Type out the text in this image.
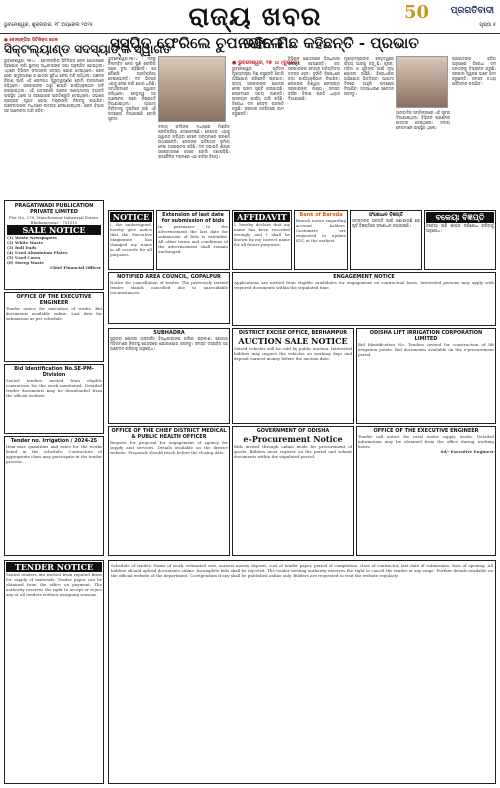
ଭୁବନେଶ୍ୱର, ଶୁକ୍ରବାର, ୧୮ ଅପ୍ରେଲ ୨୦୨୫	ରାଜ୍ୟ ଖବର	50	ପ୍ରଗତିବାଦୀ
ପୃଷ୍ଠା ୫
● ବୋଲାଙ୍ଗିର ସିଟିଜିକ୍ସ ରେଳ
ସିକ୍ଟଲ୍ୟାଣ୍ଡ ସଦସ୍ୟାଙ୍କ ସ୍ୱାଗତ
ଭୁବନେଶ୍ୱର, ୧୭।୪ : ବୋଲାଙ୍ଗିର ସିଟିଜିକ୍ସ ରେଳ ଯୋଜନାରେ ସହଯୋଗ ଲାଗି ସ୍ଥାନୀୟ ଅଧିବାସୀଙ୍କ ସଭା ଅନୁଷ୍ଠିତ ହୋଇଥିଲା। ଏଥିରେ ବିଭିନ୍ନ ସଂଗଠନର ସଦସ୍ୟ ଯୋଗ ଦେଇଥିଲେ। ରେଳ ସେବା ସମ୍ପ୍ରସାରଣ ଓ ଯାତ୍ରୀ ସୁବିଧା ନେଇ ଦାବି ଉଠିଥିଲା। ଅଞ୍ଚଳର ବିକାଶ ପାଇଁ ଏହି ରେଳପଥ ଗୁରୁତ୍ୱପୂର୍ଣ୍ଣ ବୋଲି ବକ୍ତାମାନେ କହିଥିଲେ। ସରକାରଙ୍କ ଠାରୁ ଶୀଘ୍ର କାର୍ଯ୍ୟାନୁଷ୍ଠାନ ଦାବି କରାଯାଇଥିଲା। ଏହି ଅବସରରେ ଅନେକ ଗଣ୍ୟମାନ୍ୟ ବ୍ୟକ୍ତି ଉପସ୍ଥିତ ଥିଲେ ଓ ସହଯୋଗର ପ୍ରତିଶ୍ରୁତି ଦେଇଥିଲେ। ସଭାରେ ପ୍ରସ୍ତାବ ଗୃହୀତ ହୋଇ ମନ୍ତ୍ରୀଙ୍କ ନିକଟକୁ ପଠାଯିବ। ଅଞ୍ଚଳବାସୀଙ୍କ ମଧ୍ୟରେ ଉତ୍ସାହ ଦେଖାଯାଇଥିଲା। ରେଳ ବିଭାଗ ସହ ଆଲୋଚନା ଜାରି ରହିବ।
PRAGATIWADI PUBLICATION PRIVATE LIMITED
Plot No. 278, Mancheswar Industrial Estate, Bhubaneswar - 751010
SALE NOTICE
(1) Waste Newspapers
(2) White Waste
(3) Roll Ends
(4) Used Aluminium Plates
(5) Used Cores
(6) Sweep Waste
Chief Financial Officer
ସସ୍ପିତ ଫେରିଲେ ଚୁପ ରହିଲେ
ଭୁବନେଶ୍ୱର,୧୭।୪ : ଦଳରୁ ନିଲମ୍ବିତ ନେତା ପୁଣି ଫେରିବା ପରେ ଚୁପ ରହିଛନ୍ତି। ସେ କୌଣସି ପ୍ରତିକ୍ରିୟା ଦେଇନାହାନ୍ତି। ଦଳ ଭିତରେ ଏହାକୁ ନେଇ ଚର୍ଚ୍ଚା ଜୋର ଧରିଛି। ସମର୍ଥକମାନେ ସ୍ୱାଗତ କରିଥିଲେ। ନେତୃତ୍ୱ ସହ ଆଲୋଚନା ପରେ ନିଷ୍ପତ୍ତି ନିଆଯାଇଥିଲା। ଆଗାମୀ ନିର୍ବାଚନକୁ ଦୃଷ୍ଟିରେ ରଖି ଏହି ପଦକ୍ଷେପ ନିଆଯାଇଛି ବୋଲି ସୂଚନା।
ଦଳୀୟ କର୍ମୀଙ୍କ ମଧ୍ୟରେ ମିଶ୍ରିତ ପ୍ରତିକ୍ରିୟା ଦେଖାଦେଇଛି। କେତେକ ଏହାକୁ ସ୍ୱାଗତ କରିଥିବା ବେଳେ ଅନ୍ୟମାନେ ପ୍ରଶ୍ନ ଉଠାଇଛନ୍ତି। ନେତାଙ୍କ ଭବିଷ୍ୟତ ଭୂମିକା ନେଇ ଅସ୍ପଷ୍ଟତା ରହିଛି। ଦଳ ସଭାପତି ଶୀଘ୍ର ସ୍ପଷ୍ଟୀକରଣ ଦେବେ ବୋଲି ଜଣାପଡ଼ିଛି। ରାଜନୈତିକ ମହଲରେ ଏହା ଚର୍ଚ୍ଚାର ବିଷୟ।
ନବୀନ ମିଛ କହିଛନ୍ତି - ପ୍ରଭାତ
● ଭୁବନେଶ୍ୱର, ୧୭ ।୪ (ବ୍ୟୁରୋ)
ଭୁବନେଶ୍ୱର : ପୂର୍ବତନ ମୁଖ୍ୟମନ୍ତ୍ରୀ ମିଛ କହୁଛନ୍ତି ବୋଲି ଅଭିଯୋଗ କରିଛନ୍ତି ପ୍ରଭାତ। ରାଜ୍ୟ ସରକାରଙ୍କ ଯୋଜନା ନେଇ ଭ୍ରମ ସୃଷ୍ଟି କରାଯାଉଛି। ଲୋକମାନେ ସତ୍ୟ ଜାଣନ୍ତି। ଉନ୍ନୟନ କାର୍ଯ୍ୟ ଜାରି ରହିଛି। ବିରୋଧୀ ଦଳ କେବଳ ରାଜନୀତି କରୁଛି। ସରକାର ଜନହିତରେ କାମ କରୁଛନ୍ତି।
ବିଭିନ୍ନ ଯୋଜନାରେ ହିତାଧିକାରୀ ଉପକୃତ ହେଉଛନ୍ତି। ଗତ ସରକାରଙ୍କ ସମୟର ଅନିୟମିତତା ତଦନ୍ତ ହେବ। ଦୁର୍ନୀତି ବିରୋଧରେ କଡ଼ା କାର୍ଯ୍ୟାନୁଷ୍ଠାନ ନିଆଯିବ। ଲୋକଙ୍କ ବିଶ୍ୱାସ ଫେରାଇବା ସରକାରଙ୍କ ଲକ୍ଷ୍ୟ। ସମସ୍ତ ବର୍ଗର ବିକାଶ ପ୍ରତି ଧ୍ୟାନ ଦିଆଯାଉଛି।
ମୁଖ୍ୟମନ୍ତ୍ରୀଙ୍କ ନେତୃତ୍ୱରେ ରାଜ୍ୟ ଆଗକୁ ବଢ଼ୁଛି। କୃଷକ, ମହିଳା ଓ ଯୁବଙ୍କ ପାଇଁ ନୂଆ ଯୋଜନା ଆସିଛି। ବିରୋଧୀଙ୍କ ଅଭିଯୋଗ ଭିତ୍ତିହୀନ। ଆଗାମୀ ଦିନରେ ଆହୁରି ପଦକ୍ଷେପ ନିଆଯିବ। ଜନସାଧାରଣ ସଚେତନ ରହନ୍ତୁ।
ପ୍ରଭାତଙ୍କ କହିବା ଅନୁସାରେ ବିରୋଧୀ ଦଳ ଜନତାଙ୍କୁ ବିଭ୍ରାନ୍ତ କରୁଛି। ସରକାର ସ୍ୱଚ୍ଛ ଭାବେ କାମ କରୁଛନ୍ତି। ସମସ୍ତ ତଥ୍ୟ ସାର୍ବଜନୀନ କରାଯିବ।
ସାମ୍ବାଦିକ ସମ୍ମିଳନୀରେ ଏହି ସୂଚନା ଦିଆଯାଇଥିଲା। ବିଭିନ୍ନ ପ୍ରଶ୍ନର ଉତ୍ତର ଦେଇଥିଲେ। ଦଳୀୟ ନେତାମାନେ ଉପସ୍ଥିତ ଥିଲେ।
NOTICE
I, the undersigned, hereby give notice that the Executive Magistrate has changed my name in all records for all purposes.
Extension of last date for submission of bids
In pursuance to the advertisement the last date for submission of bids is extended. All other terms and conditions of the advertisement shall remain unchanged.
AFFIDAVIT
I, hereby declare that my name has been recorded wrongly and I shall be known by my correct name for all future purposes.
Bank of Baroda
Branch notice regarding account holders. Customers are requested to update KYC at the earliest.
ସଂଶୋଧନ ବିଜ୍ଞପ୍ତି
ସମସ୍ତଙ୍କ ଅବଗତି ପାଇଁ ଜଣାଯାଉଛି ଯେ ପୂର୍ବ ବିଜ୍ଞପ୍ତିରେ ସଂଶୋଧନ କରାଯାଇଛି।
ବକେୟା ବିଜ୍ଞପ୍ତି
ବକେୟା ରାଶି ଶୀଘ୍ର ପରିଶୋଧ କରିବାକୁ ଅନୁରୋଧ।
OFFICE OF THE EXECUTIVE ENGINEER
Tender notice for execution of works. Bid documents available online. Last date for submission as per schedule.
NOTIFIED AREA COUNCIL, GOPALPUR
Notice for cancellation of tender. The previously invited tender stands cancelled due to unavoidable circumstances.
ENGAGEMENT NOTICE
Applications are invited from eligible candidates for engagement on contractual basis. Interested persons may apply with required documents within the stipulated time.
Bid Identification No.SE-PM-Division
Sealed tenders invited from eligible contractors for the work mentioned. Detailed tender documents may be downloaded from the official website.
SUBHADRA
ସୁଭଦ୍ରା ଯୋଜନା ଅନ୍ତର୍ଗତ ହିତାଧିକାରୀଙ୍କ ତାଲିକା ପ୍ରକାଶ। ଯୋଗ୍ୟ ମହିଳାମାନେ ନିକଟସ୍ଥ କେନ୍ଦ୍ରରେ ଯୋଗାଯୋଗ କରନ୍ତୁ। ସମସ୍ତ ଦସ୍ତାବିଜ ସହ ଆବେଦନ କରିବାକୁ ଅନୁରୋଧ।
DISTRICT EXCISE OFFICE, BERHAMPUR
AUCTION SALE NOTICE
Seized vehicles will be sold by public auction. Interested bidders may inspect the vehicles on working days and deposit earnest money before the auction date.
ODISHA LIFT IRRIGATION CORPORATION LIMITED
Bid Identification No. Tenders invited for construction of lift irrigation points. Bid documents available on the e-procurement portal.
Tender no. Irrigation / 2024-25
Item-wise quantities and rates for the works listed in the schedule. Contractors of appropriate class may participate in the tender process.
OFFICE OF THE CHIEF DISTRICT MEDICAL & PUBLIC HEALTH OFFICER
Request for proposal for engagement of agency for supply and services. Details available on the district website. Proposals should reach before the closing date.
GOVERNMENT OF ODISHA
e-Procurement Notice
Bids invited through online mode for procurement of goods. Bidders must register on the portal and submit documents within the stipulated period.
OFFICE OF THE EXECUTIVE ENGINEER
Tender call notice for rural water supply works. Detailed information may be obtained from the office during working hours.
Sd/- Executive Engineer
TENDER NOTICE
Sealed tenders are invited from reputed firms for supply of materials. Tender paper can be obtained from the office on payment. The authority reserves the right to accept or reject any or all tenders without assigning reasons.
Schedule of tender: Name of work, estimated cost, earnest money deposit, cost of tender paper, period of completion, class of contractor, last date of submission, date of opening. All bidders should upload documents online. Incomplete bids shall be rejected. The tender inviting authority reserves the right to cancel the tender at any stage. Further details available on the official website of the department. Corrigendum if any shall be published online only. Bidders are requested to visit the website regularly.
